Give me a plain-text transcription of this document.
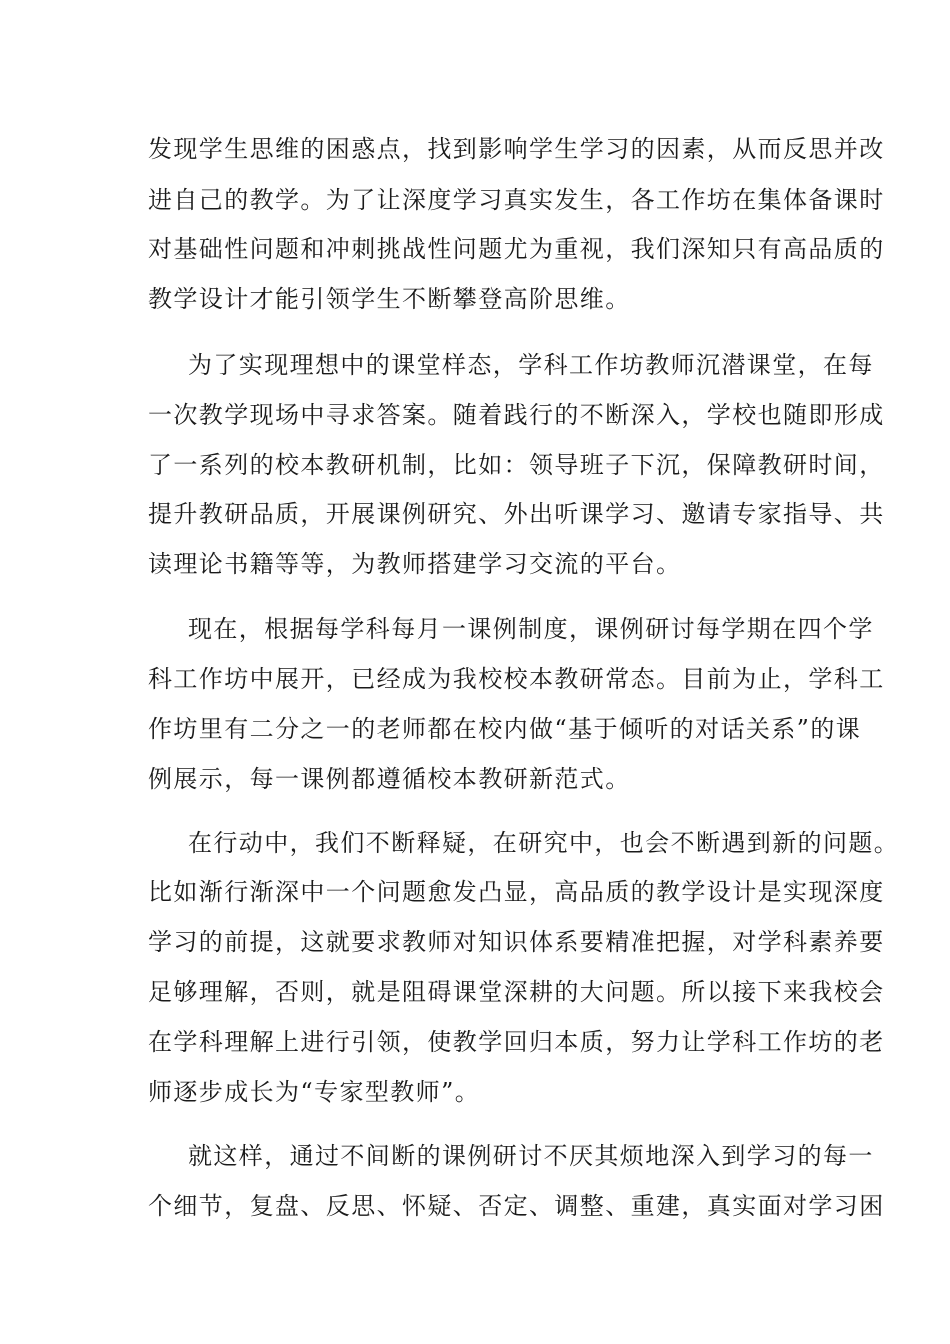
发现学生思维的困惑点，找到影响学生学习的因素，从而反思并改
进自己的教学。为了让深度学习真实发生，各工作坊在集体备课时
对基础性问题和冲刺挑战性问题尤为重视，我们深知只有高品质的
教学设计才能引领学生不断攀登高阶思维。
为了实现理想中的课堂样态，学科工作坊教师沉潜课堂，在每
一次教学现场中寻求答案。随着践行的不断深入，学校也随即形成
了一系列的校本教研机制，比如：领导班子下沉，保障教研时间，
提升教研品质，开展课例研究、外出听课学习、邀请专家指导、共
读理论书籍等等，为教师搭建学习交流的平台。
现在，根据每学科每月一课例制度，课例研讨每学期在四个学
科工作坊中展开，已经成为我校校本教研常态。目前为止，学科工
作坊里有二分之一的老师都在校内做“基于倾听的对话关系”的课
例展示，每一课例都遵循校本教研新范式。
在行动中，我们不断释疑，在研究中，也会不断遇到新的问题。
比如渐行渐深中一个问题愈发凸显，高品质的教学设计是实现深度
学习的前提，这就要求教师对知识体系要精准把握，对学科素养要
足够理解，否则，就是阻碍课堂深耕的大问题。所以接下来我校会
在学科理解上进行引领，使教学回归本质，努力让学科工作坊的老
师逐步成长为“专家型教师”。
就这样，通过不间断的课例研讨不厌其烦地深入到学习的每一
个细节，复盘、反思、怀疑、否定、调整、重建，真实面对学习困
